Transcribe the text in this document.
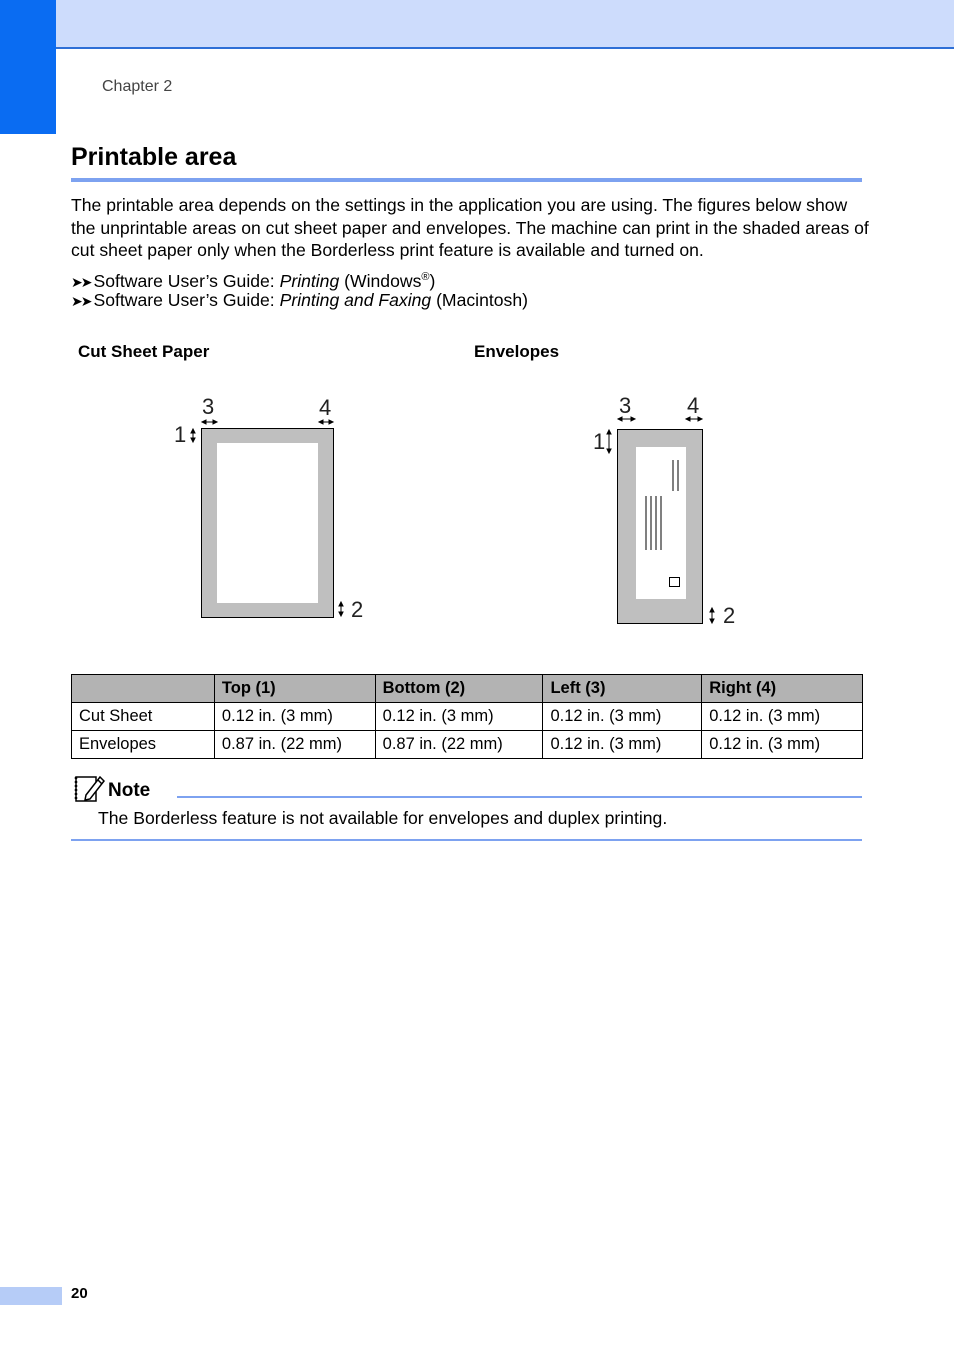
Chapter 2
Printable area

The printable area depends on the settings in the application you are using. The figures below show the unprintable areas on cut sheet paper and envelopes. The machine can print in the shaded areas of cut sheet paper only when the Borderless print feature is available and turned on.

➤➤ Software User’s Guide: Printing (Windows®)
➤➤ Software User’s Guide: Printing and Faxing (Macintosh)
Cut Sheet Paper	Envelopes
3	4
1
2
3	4
1
2
	Top (1)	Bottom (2)	Left (3)	Right (4)
Cut Sheet	0.12 in. (3 mm)	0.12 in. (3 mm)	0.12 in. (3 mm)	0.12 in. (3 mm)
Envelopes	0.87 in. (22 mm)	0.87 in. (22 mm)	0.12 in. (3 mm)	0.12 in. (3 mm)
Note
The Borderless feature is not available for envelopes and duplex printing.
20
